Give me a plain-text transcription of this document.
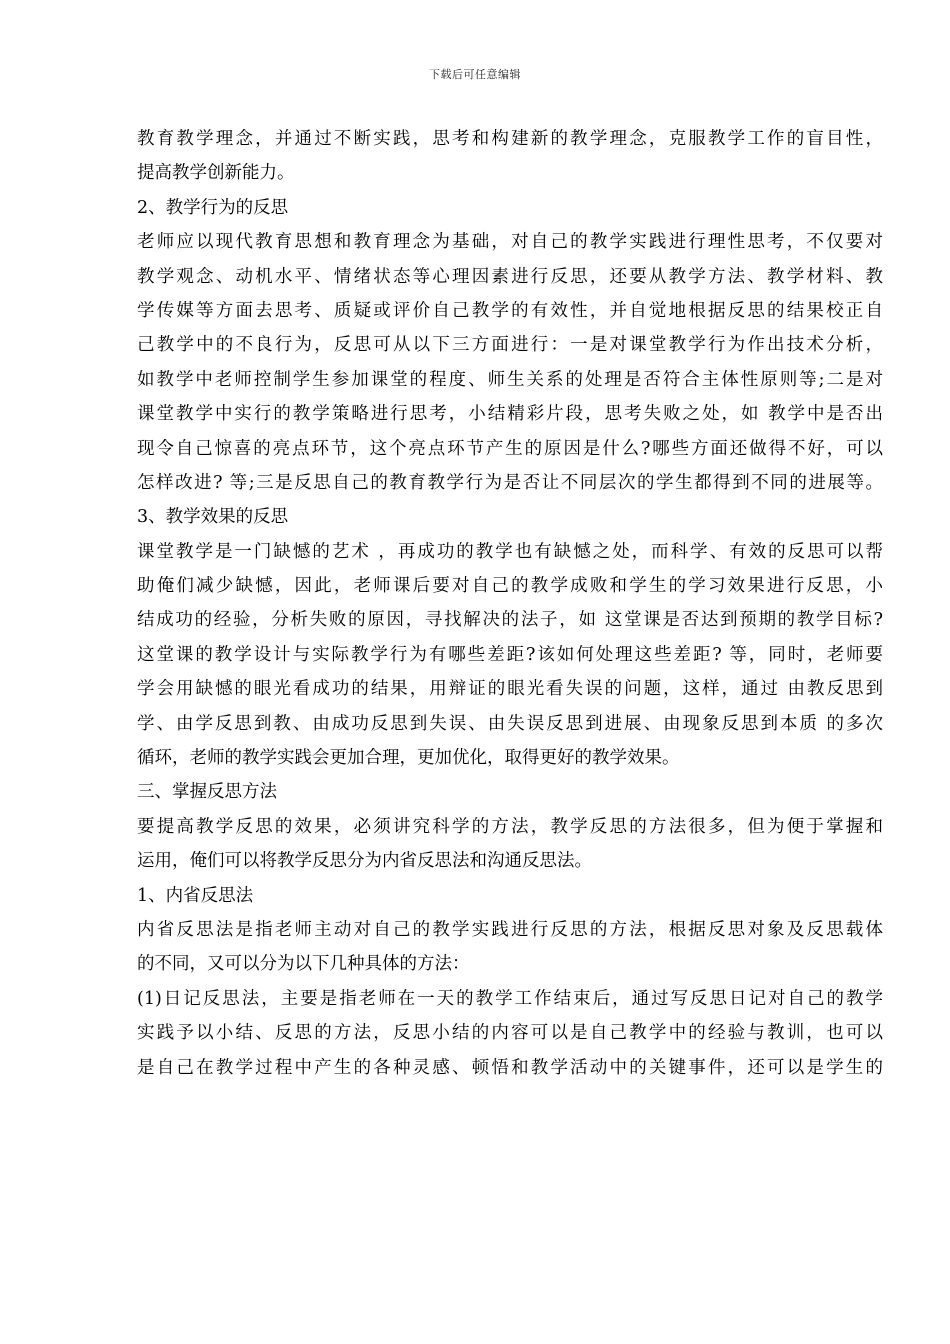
下载后可任意编辑
教育教学理念，并通过不断实践，思考和构建新的教学理念，克服教学工作的盲目性，
提高教学创新能力。
2、教学行为的反思
老师应以现代教育思想和教育理念为基础，对自己的教学实践进行理性思考，不仅要对
教学观念、动机水平、情绪状态等心理因素进行反思，还要从教学方法、教学材料、教
学传媒等方面去思考、质疑或评价自己教学的有效性，并自觉地根据反思的结果校正自
己教学中的不良行为，反思可从以下三方面进行：一是对课堂教学行为作出技术分析，
如教学中老师控制学生参加课堂的程度、师生关系的处理是否符合主体性原则等;二是对
课堂教学中实行的教学策略进行思考，小结精彩片段，思考失败之处，如 教学中是否出
现令自己惊喜的亮点环节，这个亮点环节产生的原因是什么?哪些方面还做得不好，可以
怎样改进? 等;三是反思自己的教育教学行为是否让不同层次的学生都得到不同的进展等。
3、教学效果的反思
课堂教学是一门缺憾的艺术 ，再成功的教学也有缺憾之处，而科学、有效的反思可以帮
助俺们减少缺憾，因此，老师课后要对自己的教学成败和学生的学习效果进行反思，小
结成功的经验，分析失败的原因，寻找解决的法子，如 这堂课是否达到预期的教学目标?
这堂课的教学设计与实际教学行为有哪些差距?该如何处理这些差距? 等，同时，老师要
学会用缺憾的眼光看成功的结果，用辩证的眼光看失误的问题，这样，通过 由教反思到
学、由学反思到教、由成功反思到失误、由失误反思到进展、由现象反思到本质 的多次
循环，老师的教学实践会更加合理，更加优化，取得更好的教学效果。
三、掌握反思方法
要提高教学反思的效果，必须讲究科学的方法，教学反思的方法很多，但为便于掌握和
运用，俺们可以将教学反思分为内省反思法和沟通反思法。
1、内省反思法
内省反思法是指老师主动对自己的教学实践进行反思的方法，根据反思对象及反思载体
的不同，又可以分为以下几种具体的方法：
(1)日记反思法，主要是指老师在一天的教学工作结束后，通过写反思日记对自己的教学
实践予以小结、反思的方法，反思小结的内容可以是自己教学中的经验与教训，也可以
是自己在教学过程中产生的各种灵感、顿悟和教学活动中的关键事件，还可以是学生的
